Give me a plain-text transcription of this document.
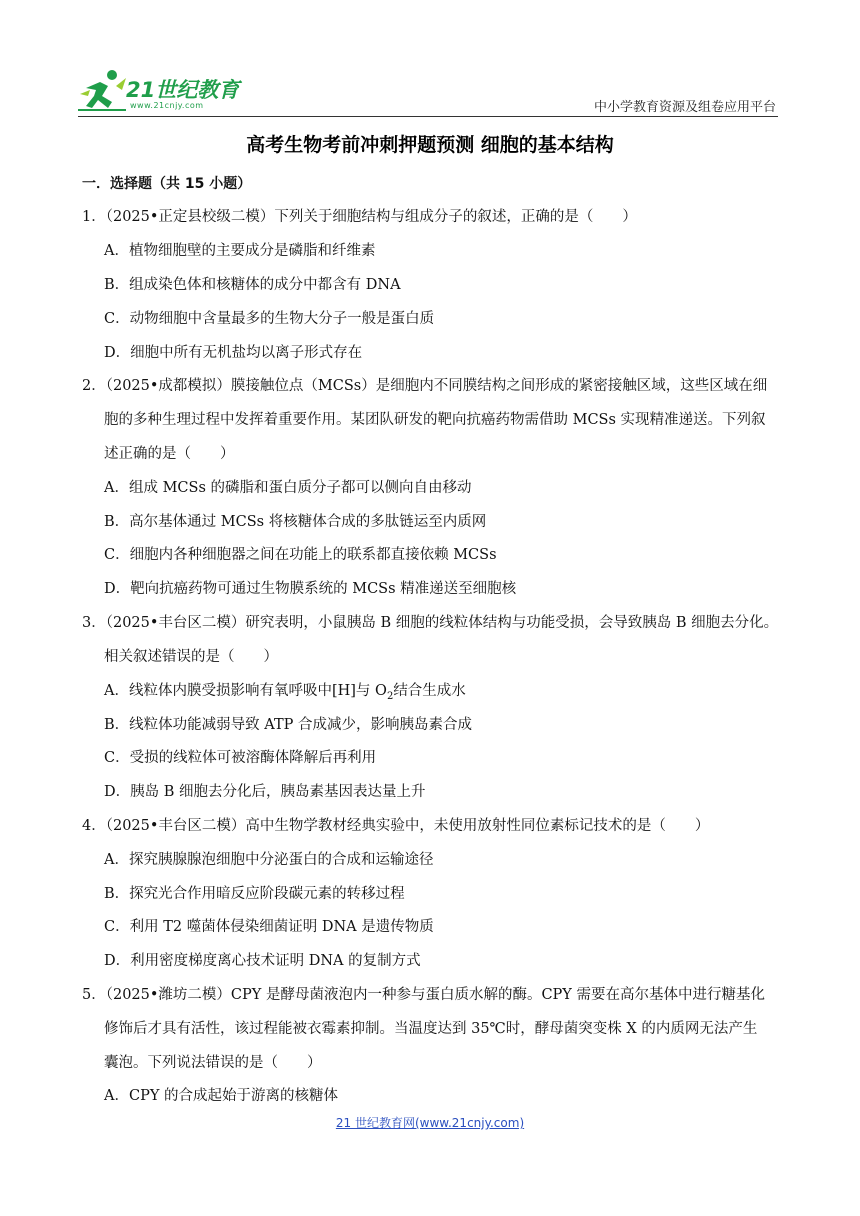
21世纪教育
www.21cnjy.com	中小学教育资源及组卷应用平台
高考生物考前冲刺押题预测 细胞的基本结构
一．选择题（共 15 小题）
1．（2025•正定县校级二模）下列关于细胞结构与组成分子的叙述，正确的是（　　）
A．植物细胞壁的主要成分是磷脂和纤维素
B．组成染色体和核糖体的成分中都含有 DNA
C．动物细胞中含量最多的生物大分子一般是蛋白质
D．细胞中所有无机盐均以离子形式存在
2．（2025•成都模拟）膜接触位点（MCSs）是细胞内不同膜结构之间形成的紧密接触区域，这些区域在细
胞的多种生理过程中发挥着重要作用。某团队研发的靶向抗癌药物需借助 MCSs 实现精准递送。下列叙
述正确的是（　　）
A．组成 MCSs 的磷脂和蛋白质分子都可以侧向自由移动
B．高尔基体通过 MCSs 将核糖体合成的多肽链运至内质网
C．细胞内各种细胞器之间在功能上的联系都直接依赖 MCSs
D．靶向抗癌药物可通过生物膜系统的 MCSs 精准递送至细胞核
3．（2025•丰台区二模）研究表明，小鼠胰岛 B 细胞的线粒体结构与功能受损，会导致胰岛 B 细胞去分化。
相关叙述错误的是（　　）
A．线粒体内膜受损影响有氧呼吸中[H]与 $O_2$结合生成水
B．线粒体功能减弱导致 ATP 合成减少，影响胰岛素合成
C．受损的线粒体可被溶酶体降解后再利用
D．胰岛 B 细胞去分化后，胰岛素基因表达量上升
4．（2025•丰台区二模）高中生物学教材经典实验中，未使用放射性同位素标记技术的是（　　）
A．探究胰腺腺泡细胞中分泌蛋白的合成和运输途径
B．探究光合作用暗反应阶段碳元素的转移过程
C．利用 T2 噬菌体侵染细菌证明 DNA 是遗传物质
D．利用密度梯度离心技术证明 DNA 的复制方式
5．（2025•潍坊二模）CPY 是酵母菌液泡内一种参与蛋白质水解的酶。CPY 需要在高尔基体中进行糖基化
修饰后才具有活性，该过程能被衣霉素抑制。当温度达到 35℃时，酵母菌突变株 X 的内质网无法产生
囊泡。下列说法错误的是（　　）
A．CPY 的合成起始于游离的核糖体
21 世纪教育网(www.21cnjy.com)
